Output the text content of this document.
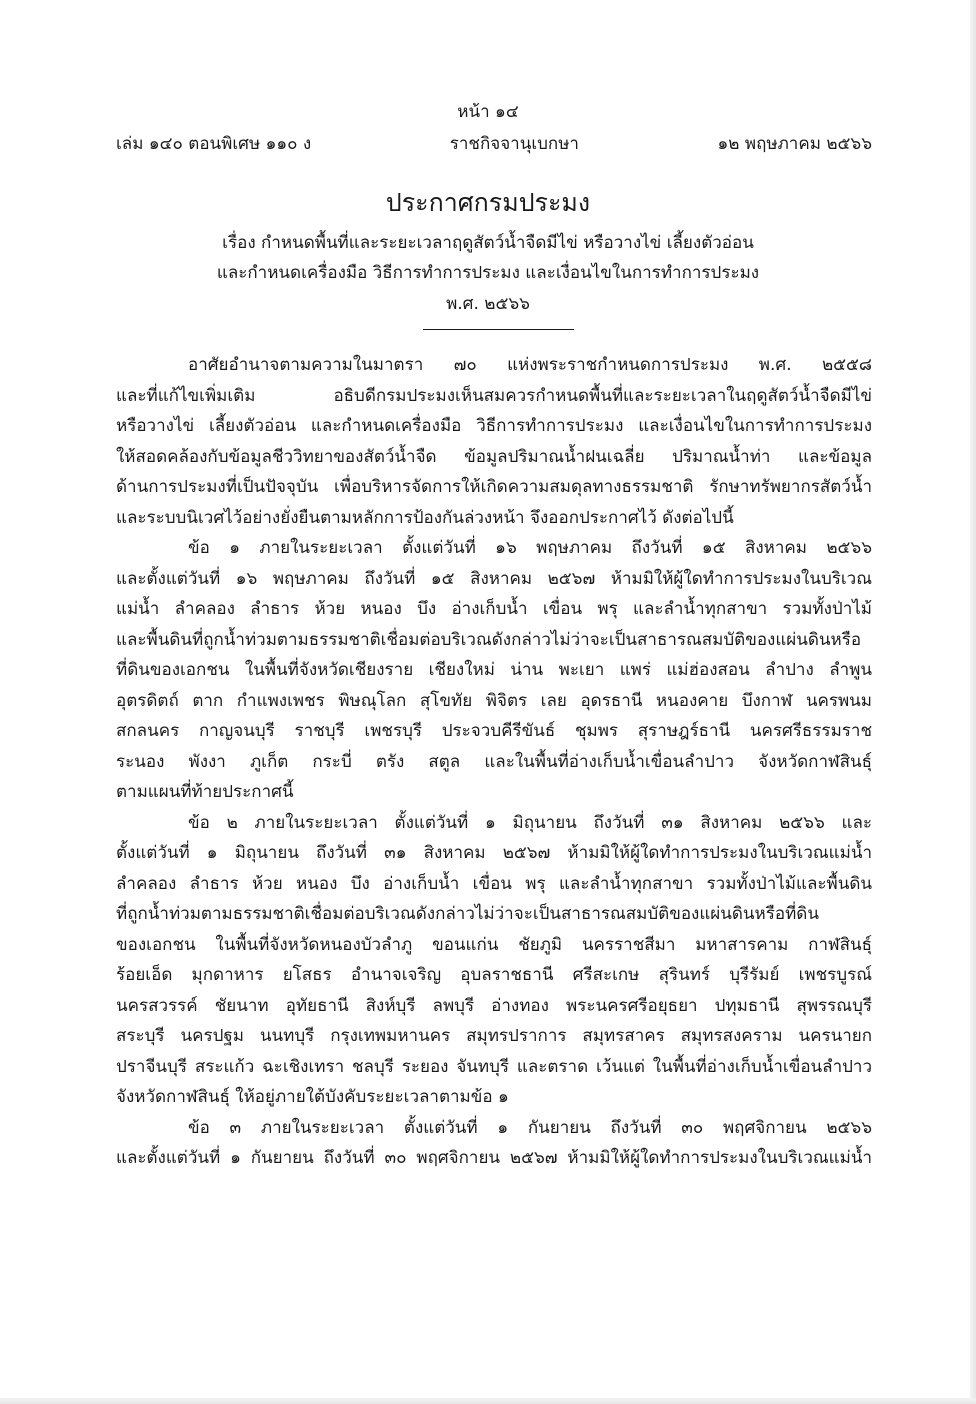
หน้า ๑๔
เล่ม ๑๔๐ ตอนพิเศษ ๑๑๐ ง	ราชกิจจานุเบกษา	๑๒ พฤษภาคม ๒๕๖๖
ประกาศกรมประมง
เรื่อง กำหนดพื้นที่และระยะเวลาฤดูสัตว์น้ำจืดมีไข่ หรือวางไข่ เลี้ยงตัวอ่อน
และกำหนดเครื่องมือ วิธีการทำการประมง และเงื่อนไขในการทำการประมง
พ.ศ. ๒๕๖๖
อาศัยอำนาจตามความในมาตรา ๗๐ แห่งพระราชกำหนดการประมง พ.ศ. ๒๕๕๘
และที่แก้ไขเพิ่มเติม อธิบดีกรมประมงเห็นสมควรกำหนดพื้นที่และระยะเวลาในฤดูสัตว์น้ำจืดมีไข่
หรือวางไข่ เลี้ยงตัวอ่อน และกำหนดเครื่องมือ วิธีการทำการประมง และเงื่อนไขในการทำการประมง
ให้สอดคล้องกับข้อมูลชีววิทยาของสัตว์น้ำจืด ข้อมูลปริมาณน้ำฝนเฉลี่ย ปริมาณน้ำท่า และข้อมูล
ด้านการประมงที่เป็นปัจจุบัน เพื่อบริหารจัดการให้เกิดความสมดุลทางธรรมชาติ รักษาทรัพยากรสัตว์น้ำ
และระบบนิเวศไว้อย่างยั่งยืนตามหลักการป้องกันล่วงหน้า จึงออกประกาศไว้ ดังต่อไปนี้
ข้อ ๑ ภายในระยะเวลา ตั้งแต่วันที่ ๑๖ พฤษภาคม ถึงวันที่ ๑๕ สิงหาคม ๒๕๖๖
และตั้งแต่วันที่ ๑๖ พฤษภาคม ถึงวันที่ ๑๕ สิงหาคม ๒๕๖๗ ห้ามมิให้ผู้ใดทำการประมงในบริเวณ
แม่น้ำ ลำคลอง ลำธาร ห้วย หนอง บึง อ่างเก็บน้ำ เขื่อน พรุ และลำน้ำทุกสาขา รวมทั้งป่าไม้
และพื้นดินที่ถูกน้ำท่วมตามธรรมชาติเชื่อมต่อบริเวณดังกล่าวไม่ว่าจะเป็นสาธารณสมบัติของแผ่นดินหรือ
ที่ดินของเอกชน ในพื้นที่จังหวัดเชียงราย เชียงใหม่ น่าน พะเยา แพร่ แม่ฮ่องสอน ลำปาง ลำพูน
อุตรดิตถ์ ตาก กำแพงเพชร พิษณุโลก สุโขทัย พิจิตร เลย อุดรธานี หนองคาย บึงกาฬ นครพนม
สกลนคร กาญจนบุรี ราชบุรี เพชรบุรี ประจวบคีรีขันธ์ ชุมพร สุราษฎร์ธานี นครศรีธรรมราช
ระนอง พังงา ภูเก็ต กระบี่ ตรัง สตูล และในพื้นที่อ่างเก็บน้ำเขื่อนลำปาว จังหวัดกาฬสินธุ์
ตามแผนที่ท้ายประกาศนี้
ข้อ ๒ ภายในระยะเวลา ตั้งแต่วันที่ ๑ มิถุนายน ถึงวันที่ ๓๑ สิงหาคม ๒๕๖๖ และ
ตั้งแต่วันที่ ๑ มิถุนายน ถึงวันที่ ๓๑ สิงหาคม ๒๕๖๗ ห้ามมิให้ผู้ใดทำการประมงในบริเวณแม่น้ำ
ลำคลอง ลำธาร ห้วย หนอง บึง อ่างเก็บน้ำ เขื่อน พรุ และลำน้ำทุกสาขา รวมทั้งป่าไม้และพื้นดิน
ที่ถูกน้ำท่วมตามธรรมชาติเชื่อมต่อบริเวณดังกล่าวไม่ว่าจะเป็นสาธารณสมบัติของแผ่นดินหรือที่ดิน
ของเอกชน ในพื้นที่จังหวัดหนองบัวลำภู ขอนแก่น ชัยภูมิ นครราชสีมา มหาสารคาม กาฬสินธุ์
ร้อยเอ็ด มุกดาหาร ยโสธร อำนาจเจริญ อุบลราชธานี ศรีสะเกษ สุรินทร์ บุรีรัมย์ เพชรบูรณ์
นครสวรรค์ ชัยนาท อุทัยธานี สิงห์บุรี ลพบุรี อ่างทอง พระนครศรีอยุธยา ปทุมธานี สุพรรณบุรี
สระบุรี นครปฐม นนทบุรี กรุงเทพมหานคร สมุทรปราการ สมุทรสาคร สมุทรสงคราม นครนายก
ปราจีนบุรี สระแก้ว ฉะเชิงเทรา ชลบุรี ระยอง จันทบุรี และตราด เว้นแต่ ในพื้นที่อ่างเก็บน้ำเขื่อนลำปาว
จังหวัดกาฬสินธุ์ ให้อยู่ภายใต้บังคับระยะเวลาตามข้อ ๑
ข้อ ๓ ภายในระยะเวลา ตั้งแต่วันที่ ๑ กันยายน ถึงวันที่ ๓๐ พฤศจิกายน ๒๕๖๖
และตั้งแต่วันที่ ๑ กันยายน ถึงวันที่ ๓๐ พฤศจิกายน ๒๕๖๗ ห้ามมิให้ผู้ใดทำการประมงในบริเวณแม่น้ำ
